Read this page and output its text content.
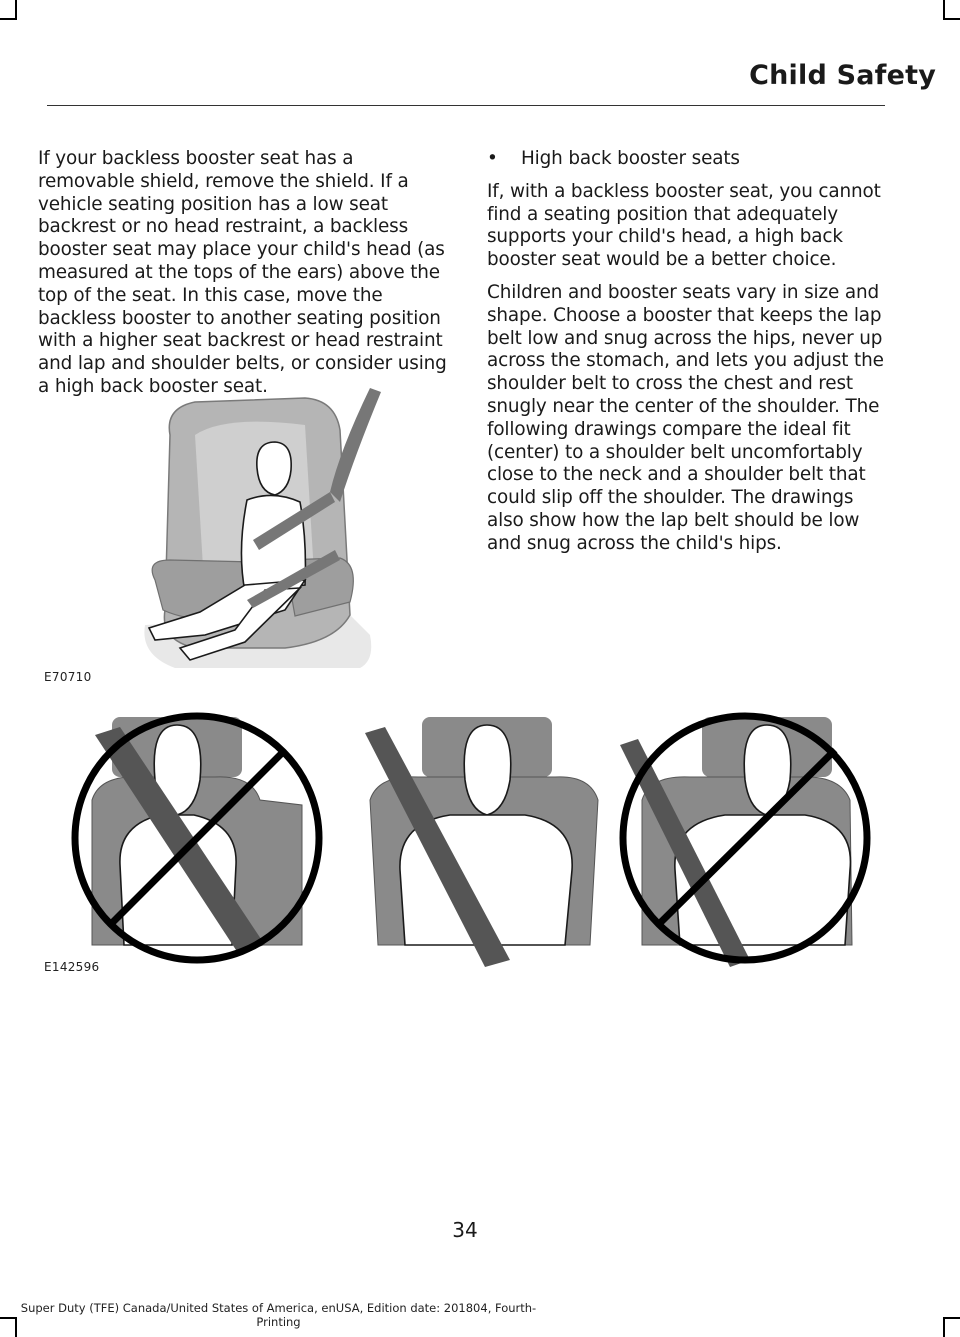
Child Safety

If your backless booster seat has a removable shield, remove the shield. If a vehicle seating position has a low seat backrest or no head restraint, a backless booster seat may place your child's head (as measured at the tops of the ears) above the top of the seat. In this case, move the backless booster to another seating position with a higher seat backrest or head restraint and lap and shoulder belts, or consider using a high back booster seat.

•	High back booster seats

If, with a backless booster seat, you cannot find a seating position that adequately supports your child's head, a high back booster seat would be a better choice.

Children and booster seats vary in size and shape. Choose a booster that keeps the lap belt low and snug across the hips, never up across the stomach, and lets you adjust the shoulder belt to cross the chest and rest snugly near the center of the shoulder. The following drawings compare the ideal fit (center) to a shoulder belt uncomfortably close to the neck and a shoulder belt that could slip off the shoulder. The drawings also show how the lap belt should be low and snug across the child's hips.

E70710
E142596
34
Super Duty (TFE) Canada/United States of America, enUSA, Edition date: 201804, Fourth-Printing
